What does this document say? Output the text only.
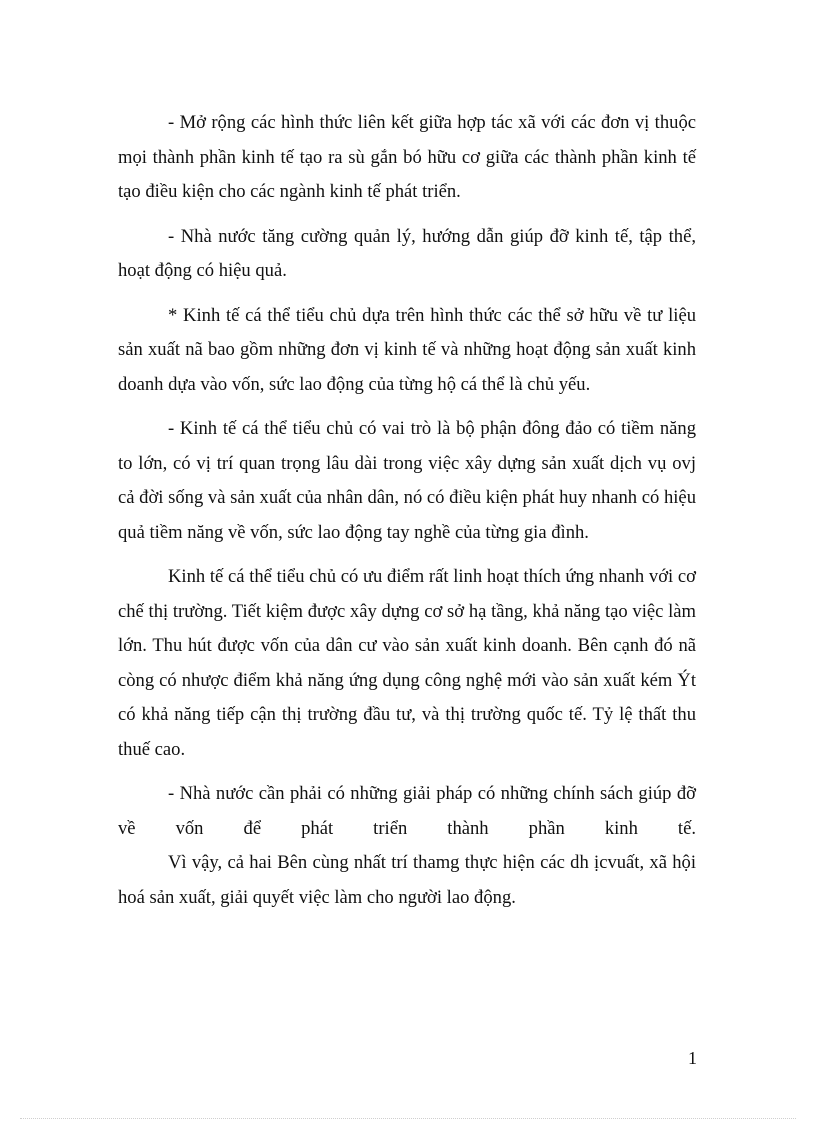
- Mở rộng các hình thức liên kết giữa hợp tác xã với các đơn vị thuộc mọi thành phần kinh tế tạo ra sù gắn bó hữu cơ giữa các thành phần kinh tế tạo điều kiện cho các ngành kinh tế phát triển.

- Nhà nước tăng cường quản lý, hướng dẫn giúp đỡ kinh tế, tập thể, hoạt động có hiệu quả.

* Kinh tế cá thể tiểu chủ dựa trên hình thức các thể sở hữu về tư liệu sản xuất nã bao gồm những đơn vị kinh tế và những hoạt động sản xuất kinh doanh dựa vào vốn, sức lao động của từng hộ cá thể là chủ yếu.

- Kinh tế cá thể tiểu chủ có vai trò là bộ phận đông đảo có tiềm năng to lớn, có vị trí quan trọng lâu dài trong việc xây dựng sản xuất dịch vụ ovj cả đời sống và sản xuất của nhân dân, nó có điều kiện phát huy nhanh có hiệu quả tiềm năng về vốn, sức lao động tay nghề của từng gia đình.

Kinh tế cá thể tiểu chủ có ưu điểm rất linh hoạt thích ứng nhanh với cơ chế thị trường. Tiết kiệm được xây dựng cơ sở hạ tầng, khả năng tạo việc làm lớn. Thu hút được vốn của dân cư vào sản xuất kinh doanh. Bên cạnh đó nã còng có nhược điểm khả năng ứng dụng công nghệ mới vào sản xuất kém Ýt có khả năng tiếp cận thị trường đầu tư, và thị trường quốc tế. Tỷ lệ thất thu thuế cao.

- Nhà nước cần phải có những giải pháp có những chính sách giúp đỡ về vốn để phát triển thành phần kinh tế.

Vì vậy, cả hai Bên cùng nhất trí thamg thực hiện các dh ịcvuất, xã hội hoá sản xuất, giải quyết việc làm cho người lao động.

1
